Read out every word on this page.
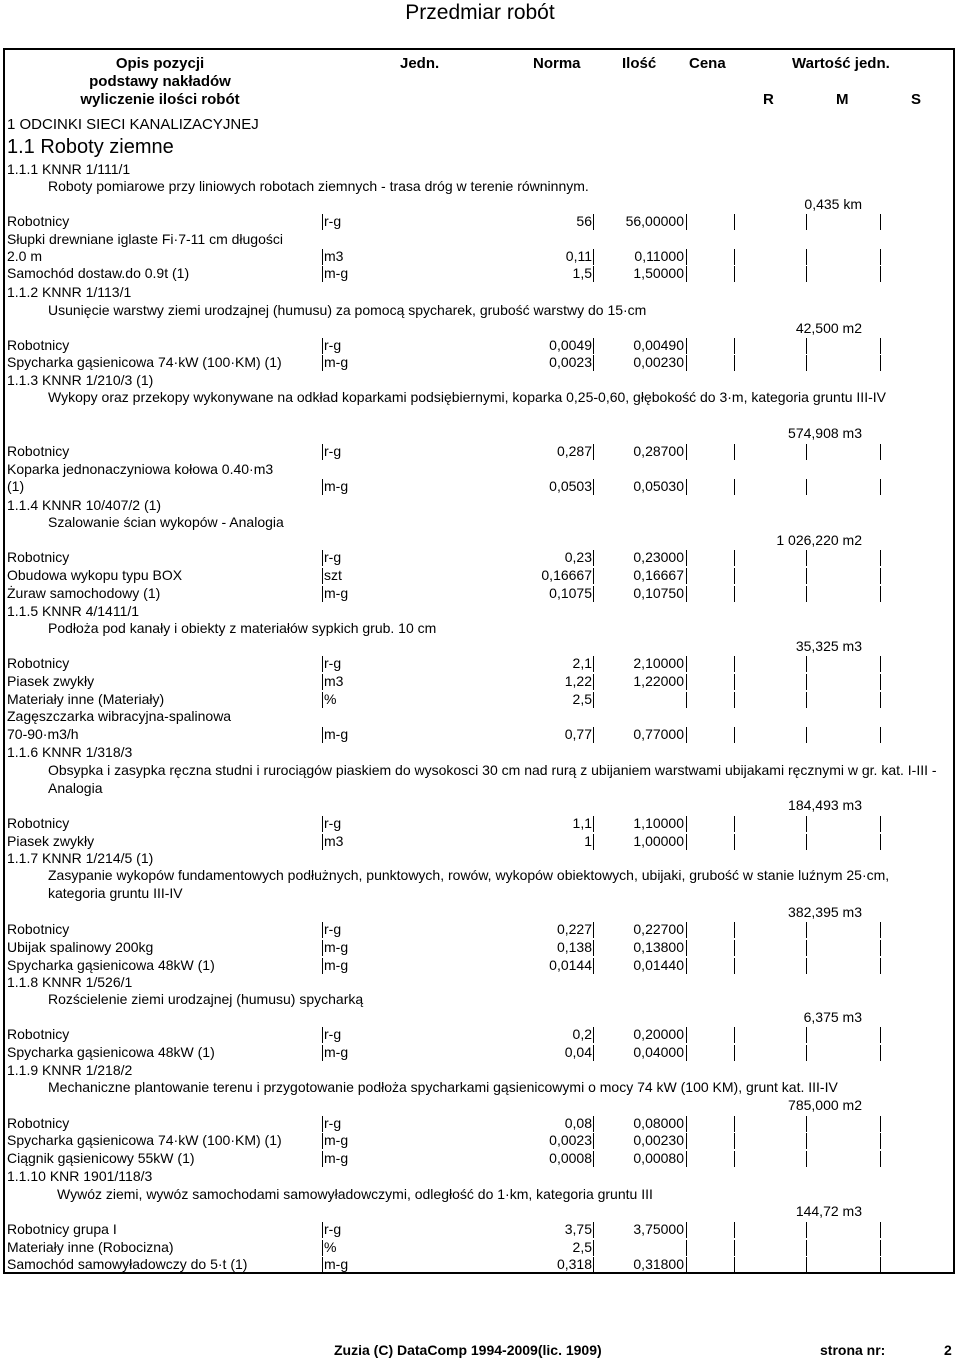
Przedmiar robót
Opis pozycji
podstawy nakładów
wyliczenie ilości robót
Jedn.	Norma	Ilość Cena	Wartość jedn.
R	M	S
1 ODCINKI SIECI KANALIZACYJNEJ
1.1 Roboty ziemne
1.1.1 KNNR 1/111/1
Roboty pomiarowe przy liniowych robotach ziemnych - trasa dróg w terenie równinnym.
0,435 km
Robotnicy	r-g	56	56,00000
Słupki drewniane iglaste Fi·7-11 cm długości
2.0 m	m3	0,11	0,11000
Samochód dostaw.do 0.9t (1)	m-g	1,5	1,50000
1.1.2 KNNR 1/113/1
Usunięcie warstwy ziemi urodzajnej (humusu) za pomocą spycharek, grubość warstwy do 15·cm
42,500 m2
Robotnicy	r-g	0,0049	0,00490
Spycharka gąsienicowa 74·kW (100·KM) (1)	m-g	0,0023	0,00230
1.1.3 KNNR 1/210/3 (1)
Wykopy oraz przekopy wykonywane na odkład koparkami podsiębiernymi, koparka 0,25-0,60, głębokość do 3·m, kategoria gruntu III-IV
574,908 m3
Robotnicy	r-g	0,287	0,28700
Koparka jednonaczyniowa kołowa 0.40·m3
(1)	m-g	0,0503	0,05030
1.1.4 KNNR 10/407/2 (1)
Szalowanie ścian wykopów - Analogia
1 026,220 m2
Robotnicy	r-g	0,23	0,23000
Obudowa wykopu typu BOX	szt	0,16667	0,16667
Żuraw samochodowy (1)	m-g	0,1075	0,10750
1.1.5 KNNR 4/1411/1
Podłoża pod kanały i obiekty z materiałów sypkich grub. 10 cm
35,325 m3
Robotnicy	r-g	2,1	2,10000
Piasek zwykły	m3	1,22	1,22000
Materiały inne (Materiały)	%	2,5
Zagęszczarka wibracyjna-spalinowa
70-90·m3/h	m-g	0,77	0,77000
1.1.6 KNNR 1/318/3
Obsypka i zasypka ręczna studni i rurociągów piaskiem do wysokosci 30 cm nad rurą z ubijaniem warstwami ubijakami ręcznymi w gr. kat. I-III - Analogia
184,493 m3
Robotnicy	r-g	1,1	1,10000
Piasek zwykły	m3	1	1,00000
1.1.7 KNNR 1/214/5 (1)
Zasypanie wykopów fundamentowych podłużnych, punktowych, rowów, wykopów obiektowych, ubijaki, grubość w stanie luźnym 25·cm, kategoria gruntu III-IV
382,395 m3
Robotnicy	r-g	0,227	0,22700
Ubijak spalinowy 200kg	m-g	0,138	0,13800
Spycharka gąsienicowa 48kW (1)	m-g	0,0144	0,01440
1.1.8 KNNR 1/526/1
Rozścielenie ziemi urodzajnej (humusu) spycharką
6,375 m3
Robotnicy	r-g	0,2	0,20000
Spycharka gąsienicowa 48kW (1)	m-g	0,04	0,04000
1.1.9 KNNR 1/218/2
Mechaniczne plantowanie terenu i przygotowanie podłoża spycharkami gąsienicowymi o mocy 74 kW (100 KM), grunt kat. III-IV
785,000 m2
Robotnicy	r-g	0,08	0,08000
Spycharka gąsienicowa 74·kW (100·KM) (1)	m-g	0,0023	0,00230
Ciągnik gąsienicowy 55kW (1)	m-g	0,0008	0,00080
1.1.10 KNR 1901/118/3
Wywóz ziemi, wywóz samochodami samowyładowczymi, odległość do 1·km, kategoria gruntu III
144,72 m3
Robotnicy grupa I	r-g	3,75	3,75000
Materiały inne (Robocizna)	%	2,5
Samochód samowyładowczy do 5·t (1)	m-g	0,318	0,31800
Zuzia (C) DataComp 1994-2009(lic. 1909)	strona nr:	2
